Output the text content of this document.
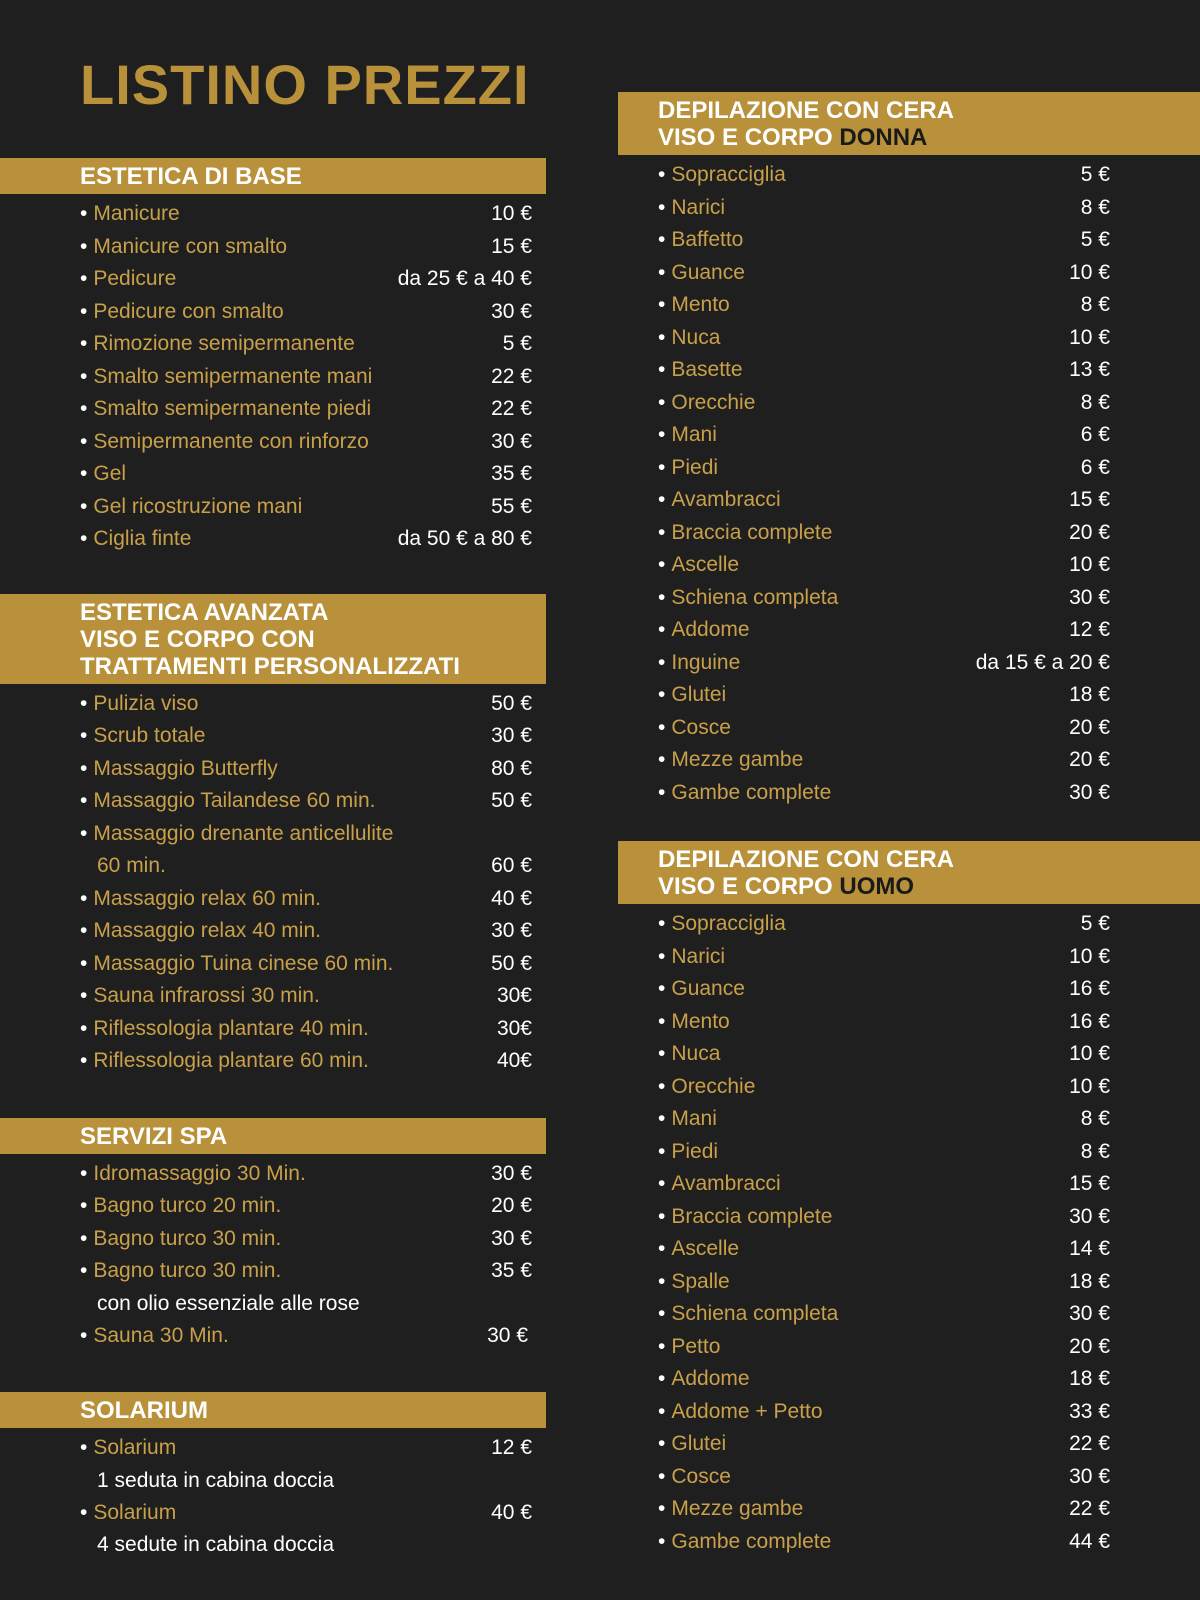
LISTINO PREZZI
ESTETICA DI BASE
• Manicure	10 €
• Manicure con smalto	15 €
• Pedicure	da 25 € a 40 €
• Pedicure con smalto	30 €
• Rimozione semipermanente	5 €
• Smalto semipermanente mani	22 €
• Smalto semipermanente piedi	22 €
• Semipermanente con rinforzo	30 €
• Gel	35 €
• Gel ricostruzione mani	55 €
• Ciglia finte	da 50 € a 80 €
ESTETICA AVANZATA
VISO E CORPO CON
TRATTAMENTI PERSONALIZZATI
• Pulizia viso	50 €
• Scrub totale	30 €
• Massaggio Butterfly	80 €
• Massaggio Tailandese 60 min.	50 €
• Massaggio drenante anticellulite
60 min.	60 €
• Massaggio relax 60 min.	40 €
• Massaggio relax 40 min.	30 €
• Massaggio Tuina cinese 60 min.	50 €
• Sauna infrarossi 30 min.	30€
• Riflessologia plantare 40 min.	30€
• Riflessologia plantare 60 min.	40€
SERVIZI SPA
• Idromassaggio 30 Min.	30 €
• Bagno turco 20 min.	20 €
• Bagno turco 30 min.	30 €
• Bagno turco 30 min.	35 €
con olio essenziale alle rose
• Sauna 30 Min.	30 €
SOLARIUM
• Solarium	12 €
1 seduta in cabina doccia
• Solarium	40 €
4 sedute in cabina doccia
DEPILAZIONE CON CERA
VISO E CORPO DONNA
• Sopracciglia	5 €
• Narici	8 €
• Baffetto	5 €
• Guance	10 €
• Mento	8 €
• Nuca	10 €
• Basette	13 €
• Orecchie	8 €
• Mani	6 €
• Piedi	6 €
• Avambracci	15 €
• Braccia complete	20 €
• Ascelle	10 €
• Schiena completa	30 €
• Addome	12 €
• Inguine	da 15 € a 20 €
• Glutei	18 €
• Cosce	20 €
• Mezze gambe	20 €
• Gambe complete	30 €
DEPILAZIONE CON CERA
VISO E CORPO UOMO
• Sopracciglia	5 €
• Narici	10 €
• Guance	16 €
• Mento	16 €
• Nuca	10 €
• Orecchie	10 €
• Mani	8 €
• Piedi	8 €
• Avambracci	15 €
• Braccia complete	30 €
• Ascelle	14 €
• Spalle	18 €
• Schiena completa	30 €
• Petto	20 €
• Addome	18 €
• Addome + Petto	33 €
• Glutei	22 €
• Cosce	30 €
• Mezze gambe	22 €
• Gambe complete	44 €
